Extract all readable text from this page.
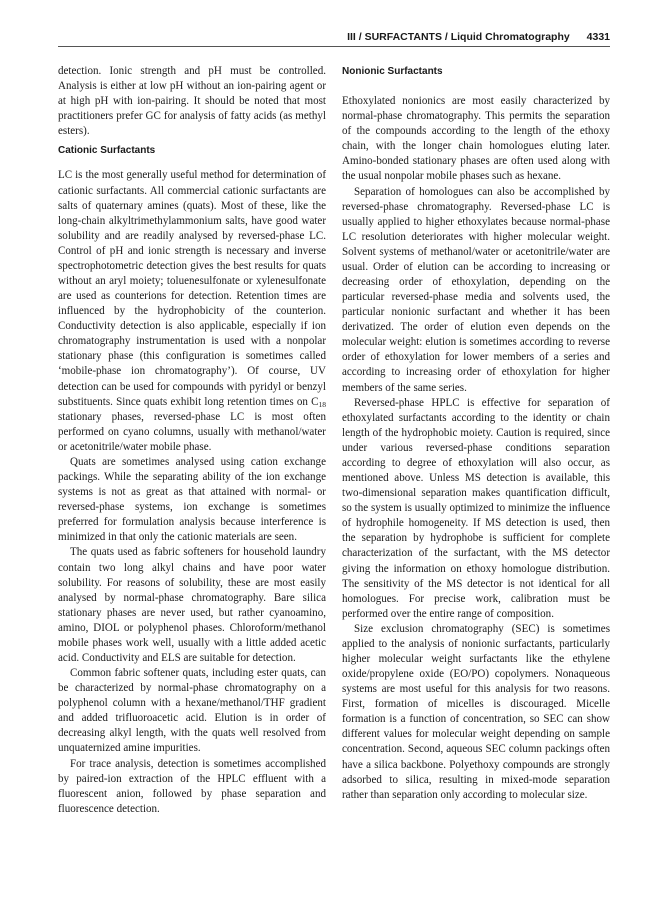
III / SURFACTANTS / Liquid Chromatography 4331

detection. Ionic strength and pH must be controlled. Analysis is either at low pH without an ion-pairing agent or at high pH with ion-pairing. It should be noted that most practitioners prefer GC for analysis of fatty acids (as methyl esters).

Cationic Surfactants

LC is the most generally useful method for determination of cationic surfactants. All commercial cationic surfactants are salts of quaternary amines (quats). Most of these, like the long-chain alkyltrimethylammonium salts, have good water solubility and are readily analysed by reversed-phase LC. Control of pH and ionic strength is necessary and inverse spectrophotometric detection gives the best results for quats without an aryl moiety; toluenesulfonate or xylenesulfonate are used as counterions for detection. Retention times are influenced by the hydrophobicity of the counterion. Conductivity detection is also applicable, especially if ion chromatography instrumentation is used with a nonpolar stationary phase (this configuration is sometimes called ‘mobile-phase ion chromatography’). Of course, UV detection can be used for compounds with pyridyl or benzyl substituents. Since quats exhibit long retention times on $C_{18}$ stationary phases, reversed-phase LC is most often performed on cyano columns, usually with methanol/water or acetonitrile/water mobile phase.

Quats are sometimes analysed using cation exchange packings. While the separating ability of the ion exchange systems is not as great as that attained with normal- or reversed-phase systems, ion exchange is sometimes preferred for formulation analysis because interference is minimized in that only the cationic materials are seen.

The quats used as fabric softeners for household laundry contain two long alkyl chains and have poor water solubility. For reasons of solubility, these are most easily analysed by normal-phase chromatography. Bare silica stationary phases are never used, but rather cyanoamino, amino, DIOL or polyphenol phases. Chloroform/methanol mobile phases work well, usually with a little added acetic acid. Conductivity and ELS are suitable for detection.

Common fabric softener quats, including ester quats, can be characterized by normal-phase chromatography on a polyphenol column with a hexane/methanol/THF gradient and added trifluoroacetic acid. Elution is in order of decreasing alkyl length, with the quats well resolved from unquaternized amine impurities.

For trace analysis, detection is sometimes accomplished by paired-ion extraction of the HPLC effluent with a fluorescent anion, followed by phase separation and fluorescence detection.

Nonionic Surfactants

Ethoxylated nonionics are most easily characterized by normal-phase chromatography. This permits the separation of the compounds according to the length of the ethoxy chain, with the longer chain homologues eluting later. Amino-bonded stationary phases are often used along with the usual nonpolar mobile phases such as hexane.

Separation of homologues can also be accomplished by reversed-phase chromatography. Reversed-phase LC is usually applied to higher ethoxylates because normal-phase LC resolution deteriorates with higher molecular weight. Solvent systems of methanol/water or acetonitrile/water are usual. Order of elution can be according to increasing or decreasing order of ethoxylation, depending on the particular reversed-phase media and solvents used, the particular nonionic surfactant and whether it has been derivatized. The order of elution even depends on the molecular weight: elution is sometimes according to reverse order of ethoxylation for lower members of a series and according to increasing order of ethoxylation for higher members of the same series.

Reversed-phase HPLC is effective for separation of ethoxylated surfactants according to the identity or chain length of the hydrophobic moiety. Caution is required, since under various reversed-phase conditions separation according to degree of ethoxylation will also occur, as mentioned above. Unless MS detection is available, this two-dimensional separation makes quantification difficult, so the system is usually optimized to minimize the influence of hydrophile homogeneity. If MS detection is used, then the separation by hydrophobe is sufficient for complete characterization of the surfactant, with the MS detector giving the information on ethoxy homologue distribution. The sensitivity of the MS detector is not identical for all homologues. For precise work, calibration must be performed over the entire range of composition.

Size exclusion chromatography (SEC) is sometimes applied to the analysis of nonionic surfactants, particularly higher molecular weight surfactants like the ethylene oxide/propylene oxide (EO/PO) copolymers. Nonaqueous systems are most useful for this analysis for two reasons. First, formation of micelles is discouraged. Micelle formation is a function of concentration, so SEC can show different values for molecular weight depending on sample concentration. Second, aqueous SEC column packings often have a silica backbone. Polyethoxy compounds are strongly adsorbed to silica, resulting in mixed-mode separation rather than separation only according to molecular size.
